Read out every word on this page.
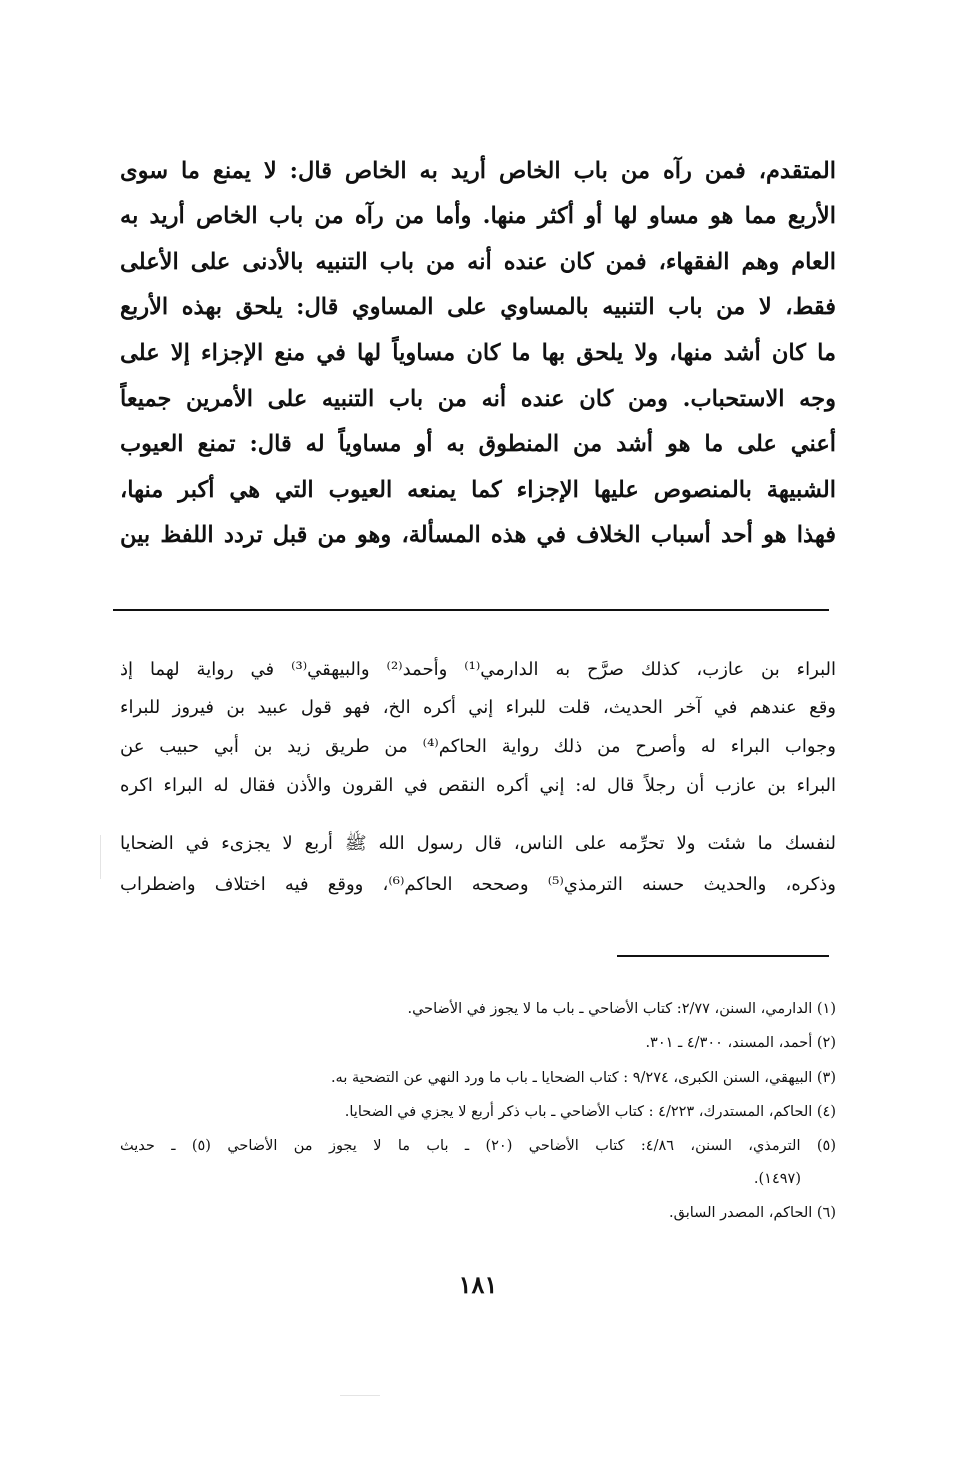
المتقدم، فمن رآه من باب الخاص أريد به الخاص قال: لا يمنع ما سوى

الأربع مما هو مساو لها أو أكثر منها. وأما من رآه من باب الخاص أريد به

العام وهم الفقهاء، فمن كان عنده أنه من باب التنبيه بالأدنى على الأعلى

فقط، لا من باب التنبيه بالمساوي على المساوي قال: يلحق بهذه الأربع

ما كان أشد منها، ولا يلحق بها ما كان مساوياً لها في منع الإجزاء إلا على

وجه الاستحباب. ومن كان عنده أنه من باب التنبيه على الأمرين جميعاً

أعني على ما هو أشد من المنطوق به أو مساوياً له قال: تمنع العيوب

الشبيهة بالمنصوص عليها الإجزاء كما يمنعه العيوب التي هي أكبر منها،

فهذا هو أحد أسباب الخلاف في هذه المسألة، وهو من قبل تردد اللفظ بين

البراء بن عازب، كذلك صرَّح به الدارمي⁽¹⁾ وأحمد⁽²⁾ والبيهقي⁽³⁾ في رواية لهما إذ

وقع عندهم في آخر الحديث، قلت للبراء إني أكره الخ، فهو قول عبيد بن فيروز للبراء

وجواب البراء له وأصرح من ذلك رواية الحاكم⁽⁴⁾ من طريق زيد بن أبي حبيب عن

البراء بن عازب أن رجلاً قال له: إني أكره النقص في القرون والأذن فقال له البراء اكره

لنفسك ما شئت ولا تحرِّمه على الناس، قال رسول الله ﷺ أربع لا يجزىء في الضحايا

وذكره، والحديث حسنه الترمذي⁽⁵⁾ وصححه الحاكم⁽⁶⁾، ووقع فيه اختلاف واضطراب

(١) الدارمي، السنن، ٢/٧٧: كتاب الأضاحي ـ باب ما لا يجوز في الأضاحي.

(٢) أحمد، المسند، ٤/٣٠٠ ـ ٣٠١.

(٣) البيهقي، السنن الكبرى، ٩/٢٧٤ : كتاب الضحايا ـ باب ما ورد النهي عن التضحية به.

(٤) الحاكم، المستدرك، ٤/٢٢٣ : كتاب الأضاحي ـ باب ذكر أربع لا يجزي في الضحايا.

(٥) الترمذي، السنن، ٤/٨٦: كتاب الأضاحي (٢٠) ـ باب ما لا يجوز من الأضاحي (٥) ـ حديث

(١٤٩٧).

(٦) الحاكم، المصدر السابق.

١٨١
